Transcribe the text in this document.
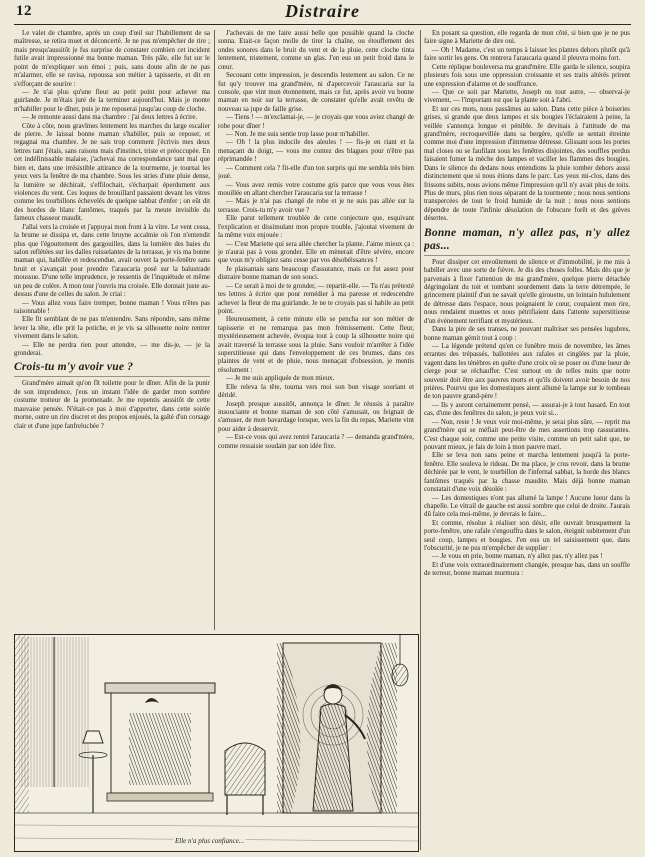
12	Distraire

Le valet de chambre, après un coup d'œil sur l'habillement de sa maîtresse, se retira muet et déconcerté. Je ne pus m'empêcher de rire ; mais presqu'aussitôt je fus surprise de constater combien cet incident futile avait impressionné ma bonne maman. Très pâle, elle fut sur le point de m'expliquer son émoi ; puis, sans doute afin de ne pas m'alarmer, elle se ravisa, repoussa son métier à tapisserie, et dit en s'efforçant de sourire :

— Je n'ai plus qu'une fleur au petit point pour achever ma guirlande. Je m'étais juré de la terminer aujourd'hui. Mais je monte m'habiller pour le dîner, puis je me reposerai jusqu'au coup de cloche.

— Je remonte aussi dans ma chambre : j'ai deux lettres à écrire.

Côte à côte, nous gravîmes lentement les marches du large escalier de pierre. Je laissai bonne maman s'habiller, puis se reposer, et regagnai ma chambre. Je ne sais trop comment j'écrivis mes deux lettres tant j'étais, sans raisons mais d'instinct, triste et préoccupée. En cet indéfinissable malaise, j'achevai ma correspondance tant mal que bien et, dans une irrésistible attirance de la tourmente, je tournai les yeux vers la fenêtre de ma chambre. Sous les stries d'une pluie dense, la lumière se déchirait, s'effilochait, s'écharpait éperdument aux violences du vent. Ces loques de brouillard passaient devant les vitres comme les tourbillons échevelés de quelque sabbat d'enfer ; on eût dit des hordes de blanc fantômes, traqués par la meute invisible du fameux chasseur maudit.

J'allai vers la croisée et j'appuyai mon front à la vitre. Le vent cessa, la brume se dissipa et, dans cette bruyne accalmie où l'on n'entendit plus que l'égouttement des gargouilles, dans la lumière des baies du salon reflétées sur les dalles ruisselantes de la terrasse, je vis ma bonne maman qui, habillée et redescendue, avait ouvert la porte-fenêtre sans bruit et s'avançait pour prendre l'araucaria posé sur la balustrade moussue. D'une telle imprudence, je ressentis de l'inquiétude et même un peu de colère. A mon tour j'ouvris ma croisée. Elle donnait juste au-dessus d'une de celles du salon. Je criai :

— Vous allez vous faire tremper, bonne maman ! Vous n'êtes pas raisonnable !

Elle fit semblant de ne pas m'entendre. Sans répondre, sans même lever la tête, elle prit la potiche, et je vis sa silhouette noire rentrer vivement dans le salon.

— Elle ne perdra rien pour attendre, — me dis-je, — je la gronderai.

Crois-tu m'y avoir vue ?

Grand'mère aimait qu'on fît toilette pour le dîner. Afin de la punir de son imprudence, j'eus un instant l'idée de garder mon sombre costume trotteur de la promenade. Je me repentis aussitôt de cette mauvaise pensée. N'était-ce pas à moi d'apporter, dans cette soirée morne, outre un rire discret et des propos enjoués, la gaîté d'un corsage clair et d'une jupe fanfreluchée ?

J'achevais de me faire aussi belle que possible quand la cloche sonna. Etait-ce façon molle de tirer la chaîne, ou étouffement des ondes sonores dans le bruit du vent et de la pluie, cette cloche tinta lentement, tristement, comme un glas. J'en eus un petit froid dans le cœur.

Secouant cette impression, je descendis lestement au salon. Ce ne fut qu'y trouver ma grand'mère, ni d'apercevoir l'araucaria sur la console, que vint mon étonnement, mais ce fut, après avoir vu bonne maman en noir sur la terrasse, de constater qu'elle avait revêtu de nouveau sa jupe de faille grise.

— Tiens ! — m'exclamai-je, — je croyais que vous aviez changé de robe pour dîner !

— Non. Je me suis sentie trop lasse pour m'habiller.

— Oh ! la plus indocile des aïeules ! — fis-je en riant et la menaçant du doigt, — vous me contez des blagues pour n'être pas réprimandée !

— Comment cela ? fit-elle d'un ton surpris qui me sembla très bien joué.

— Vous avez remis votre costume gris parce que vous vous êtes mouillée en allant chercher l'araucaria sur la terrasse !

— Mais je n'ai pas changé de robe et je ne suis pas allée sur la terrasse. Crois-tu m'y avoir vue ?

Elle parut tellement troublée de cette conjecture que, esquivant l'explication et dissimulant mon propre trouble, j'ajoutai vivement de la même voix enjouée :

— C'est Mariette qui sera allée chercher la plante. J'aime mieux ça : je n'aurai pas à vous gronder. Elle en mènerait d'être sévère, encore que vous m'y obligiez sans cesse par vos désobéissances !

Je plaisantais sans beaucoup d'assurance, mais ce fut assez pour distraire bonne maman de son souci.

— Ce serait à moi de te gronder, — repartit-elle. — Tu n'as prétexté tes lettres à écrire que pour remédier à ma paresse et redescendre achever la fleur de ma guirlande. Je ne te croyais pas si habile au petit point.

Heureusement, à cette minute elle se pencha sur son métier de tapisserie et ne remarqua pas mon frémissement. Cette fleur, mystérieusement achevée, évoqua tout à coup la silhouette noire qui avait traversé la terrasse sous la pluie. Sans vouloir m'arrêter à l'idée superstitieuse qui dans l'enveloppement de ces brumes, dans ces plaintes de vent et de pluie, nous menaçait d'obsession, je mentis résolument :

— Je me suis appliquée de mon mieux.

Elle releva la tête, tourna vers moi son bon visage souriant et déridé.

Joseph presque aussitôt, annonça le dîner. Je réussis à paraître insouciante et bonne maman de son côté s'amusait, ou feignait de s'amuser, de mon bavardage lorsque, vers la fin du repas, Mariette vint pour aider à desservir.

— Est-ce vous qui avez rentré l'araucaria ? — demanda grand'mère, comme ressaisie soudain par son idée fixe.

En posant sa question, elle regarda de mon côté, si bien que je ne pus faire signe à Mariette de dire oui.

— Oh ! Madame, c'est un temps à laisser les plantes dehors plutôt qu'à faire sortir les gens. On rentrera l'araucaria quand il pleuvra moins fort.

Cette réplique bouleversa ma grand'mère. Elle garda le silence, soupira plusieurs fois sous une oppression croissante et ses traits altérés prirent une expression d'alarme et de souffrance.

— Que ce soit par Mariette, Joseph ou tout autre, — observai-je vivement, — l'important est que la plante soit à l'abri.

Et sur ces mots, nous passâmes au salon. Dans cette pièce à boiseries grises, si grande que deux lampes et six bougies l'éclairaient à peine, la veillée s'annonça longue et pénible. Je devinais à l'attitude de ma grand'mère, recroquevillée dans sa bergère, qu'elle se sentait étreinte comme moi d'une impression d'immense détresse. Glissant sous les portes mal closes ou se faufilant sous les fenêtres disjointes, des souffles perdus faisaient fumer la mèche des lampes et vaciller les flammes des bougies. Dans le silence du dedans nous entendions la pluie tomber dehors aussi distinctement que si nous étions dans le parc. Les yeux mi-clos, dans des frissons subits, nous avions même l'impression qu'il n'y avait plus de toits. Plus de murs, plus rien nous séparant de la tourmente ; nous nous sentions transpercées de tout le froid humide de la nuit ; nous nous sentions dépendre de toute l'infinie désolation de l'obscure forêt et des grèves désertes.

Bonne maman, n'y allez pas, n'y allez pas...

Pour dissiper cet envoûtement de silence et d'immobilité, je me mis à babiller avec une sorte de fièvre. Je dis des choses folles. Mais dès que je parvenais à fixer l'attention de ma grand'mère, quelque pierre détachée dégringolant du toit et tombant sourdement dans la terre détrempée, le grincement plaintif d'un ne savait qu'elle girouette, un lointain hululement de détresse dans l'espace, nous poignaient le cœur, coupaient mon rire, nous rendaient muettes et nous pétrifiaient dans l'attente superstitieuse d'un événement terrifiant et mystérieux.

Dans la pire de ses transes, ne pouvant maîtriser ses pensées lugubres, bonne maman gémit tout à coup :

— La légende prétend qu'en ce funèbre mois de novembre, les âmes errantes des trépassés, ballottées aux rafales et cinglées par la pluie, vagent dans les ténèbres en quête d'une croix où se poser ou d'une lueur de cierge pour se réchauffer. C'est surtout en de telles nuits que notre souvenir doit être aux pauvres morts et qu'ils doivent avoir besoin de nos prières. Pourvu que les domestiques aient allumé la lampe sur le tombeau de ton pauvre grand-père !

— Ils y auront certainement pensé, — assurai-je à tout hasard. En tout cas, d'une des fenêtres du salon, je peux voir si...

— Non, reste ! Je veux voir moi-même, je serai plus sûre, — reprit ma grand'mère qui se méfiait peut-être de mes assertions trop rassurantes. C'est chaque soir, comme une petite visite, comme un petit salut que, ne pouvant mieux, je fais de loin à mon pauvre mari.

Elle se leva non sans peine et marcha lentement jusqu'à la porte-fenêtre. Elle souleva le rideau. De ma place, je crus revoir, dans la brume déchirée par le vent, le tourbillon de l'infernal sabbat, la horde des blancs fantômes traqués par la chasse maudite. Mais déjà bonne maman constatait d'une voix désolée :

— Les domestiques n'ont pas allumé la lampe ! Aucune lueur dans la chapelle. Le vitrail de gauche est aussi sombre que celui de droite. J'aurais dû faire cela moi-même, je devrais le faire...

Et comme, résolue à réaliser son désir, elle ouvrait brusquement la porte-fenêtre, une rafale s'engouffra dans le salon, éteignit subitement d'un seul coup, lampes et bougies. J'en eus un tel saisissement que, dans l'obscurité, je ne pus m'empêcher de supplier :

— Je vous en prie, bonne maman, n'y allez pas, n'y allez pas !

Et d'une voix extraordinairement changée, presque bas, dans un souffle de terreur, bonne maman murmura :

Elle n'a plus confiance...
